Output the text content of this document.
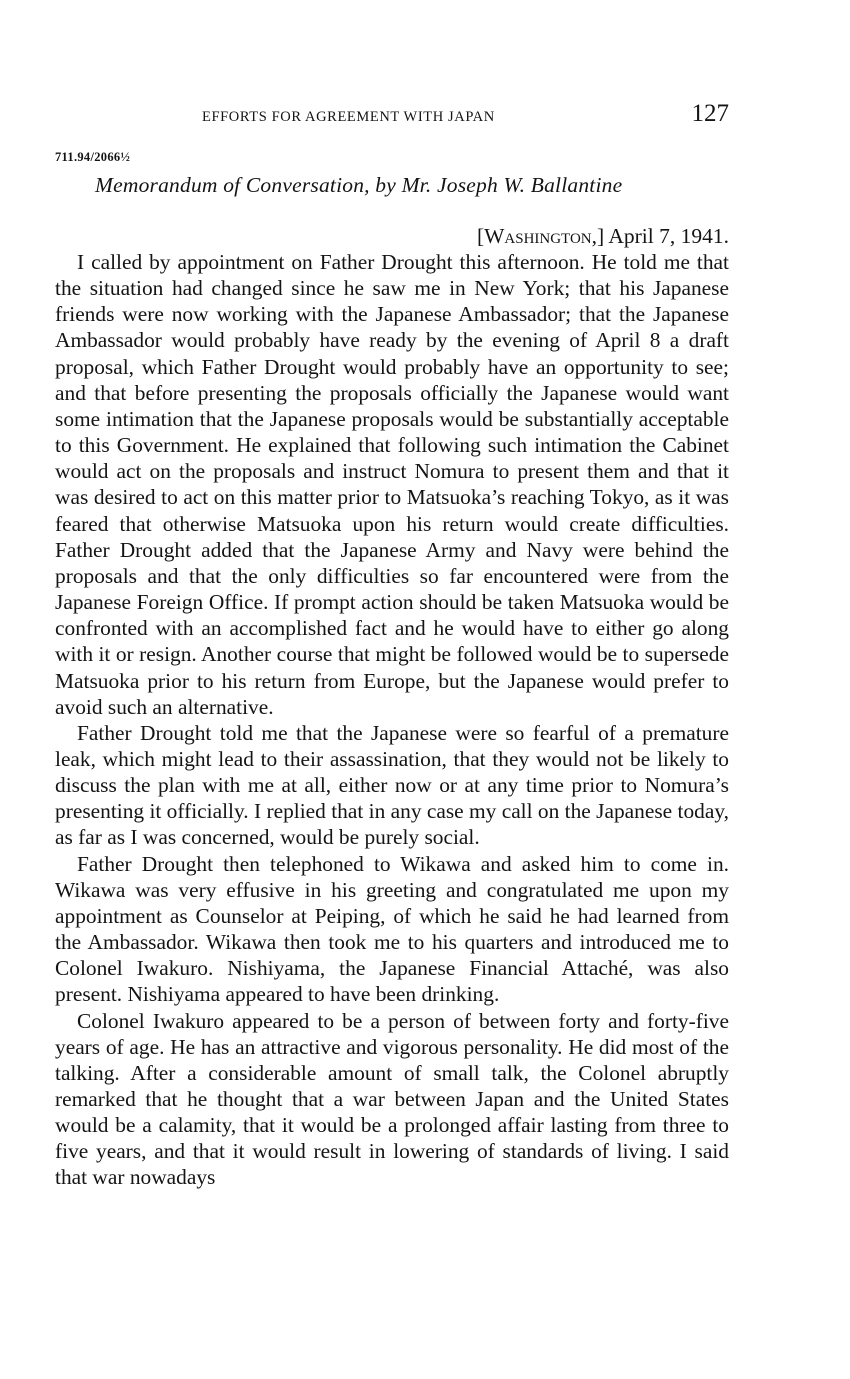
EFFORTS FOR AGREEMENT WITH JAPAN	127
711.94/2066½
Memorandum of Conversation, by Mr. Joseph W. Ballantine
[Washington,] April 7, 1941.

I called by appointment on Father Drought this afternoon. He told me that the situation had changed since he saw me in New York; that his Japanese friends were now working with the Japanese Ambassador; that the Japanese Ambassador would probably have ready by the evening of April 8 a draft proposal, which Father Drought would probably have an opportunity to see; and that before presenting the proposals officially the Japanese would want some intimation that the Japanese proposals would be substantially acceptable to this Government. He explained that following such intimation the Cabinet would act on the proposals and instruct Nomura to present them and that it was desired to act on this matter prior to Matsuoka’s reaching Tokyo, as it was feared that otherwise Matsuoka upon his return would create difficulties. Father Drought added that the Japanese Army and Navy were behind the proposals and that the only difficulties so far encountered were from the Japanese Foreign Office. If prompt action should be taken Matsuoka would be confronted with an accomplished fact and he would have to either go along with it or resign. Another course that might be followed would be to supersede Matsuoka prior to his return from Europe, but the Japanese would prefer to avoid such an alternative.

Father Drought told me that the Japanese were so fearful of a premature leak, which might lead to their assassination, that they would not be likely to discuss the plan with me at all, either now or at any time prior to Nomura’s presenting it officially. I replied that in any case my call on the Japanese today, as far as I was concerned, would be purely social.

Father Drought then telephoned to Wikawa and asked him to come in. Wikawa was very effusive in his greeting and congratulated me upon my appointment as Counselor at Peiping, of which he said he had learned from the Ambassador. Wikawa then took me to his quarters and introduced me to Colonel Iwakuro. Nishiyama, the Japanese Financial Attaché, was also present. Nishiyama appeared to have been drinking.

Colonel Iwakuro appeared to be a person of between forty and forty-five years of age. He has an attractive and vigorous personality. He did most of the talking. After a considerable amount of small talk, the Colonel abruptly remarked that he thought that a war between Japan and the United States would be a calamity, that it would be a prolonged affair lasting from three to five years, and that it would result in lowering of standards of living. I said that war nowadays
